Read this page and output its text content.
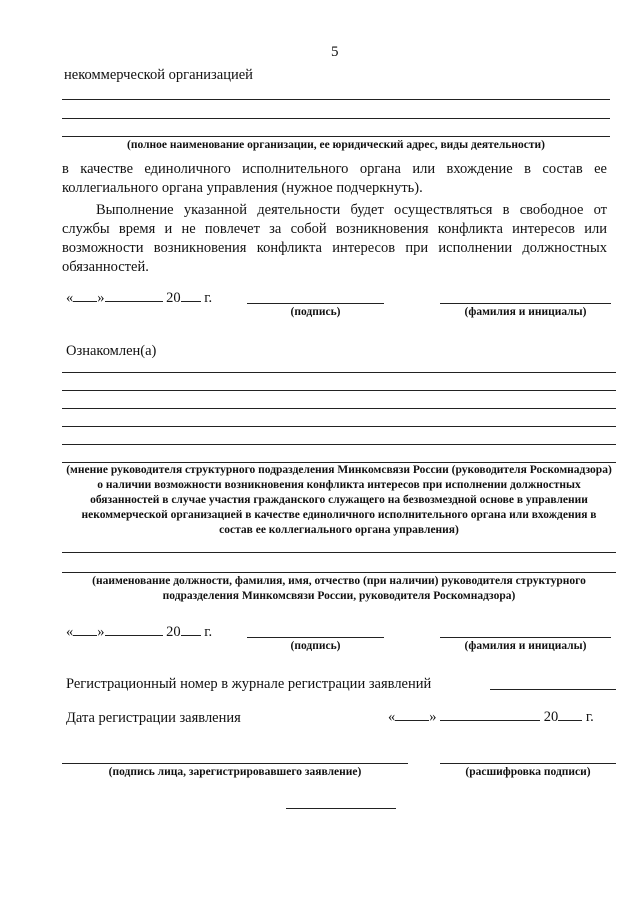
5
некоммерческой организацией
(полное наименование организации, ее юридический адрес, виды деятельности)
в качестве единоличного исполнительного органа или вхождение в состав ее коллегиального органа управления (нужное подчеркнуть).
Выполнение указанной деятельности будет осуществляться в свободное от службы время и не повлечет за собой возникновения конфликта интересов или возможности возникновения конфликта интересов при исполнении должностных обязанностей.
« »	20 г.
(подпись)	(фамилия и инициалы)
Ознакомлен(а)
(мнение руководителя структурного подразделения Минкомсвязи России (руководителя Роскомнадзора) о наличии возможности возникновения конфликта интересов при исполнении должностных обязанностей в случае участия гражданского служащего на безвозмездной основе в управлении некоммерческой организацией в качестве единоличного исполнительного органа или вхождения в состав ее коллегиального органа управления)
(наименование должности, фамилия, имя, отчество (при наличии) руководителя структурного подразделения Минкомсвязи России, руководителя Роскомнадзора)
« »	20 г.
(подпись)	(фамилия и инициалы)
Регистрационный номер в журнале регистрации заявлений
Дата регистрации заявления	« »	20 г.
(подпись лица, зарегистрировавшего заявление)	(расшифровка подписи)
